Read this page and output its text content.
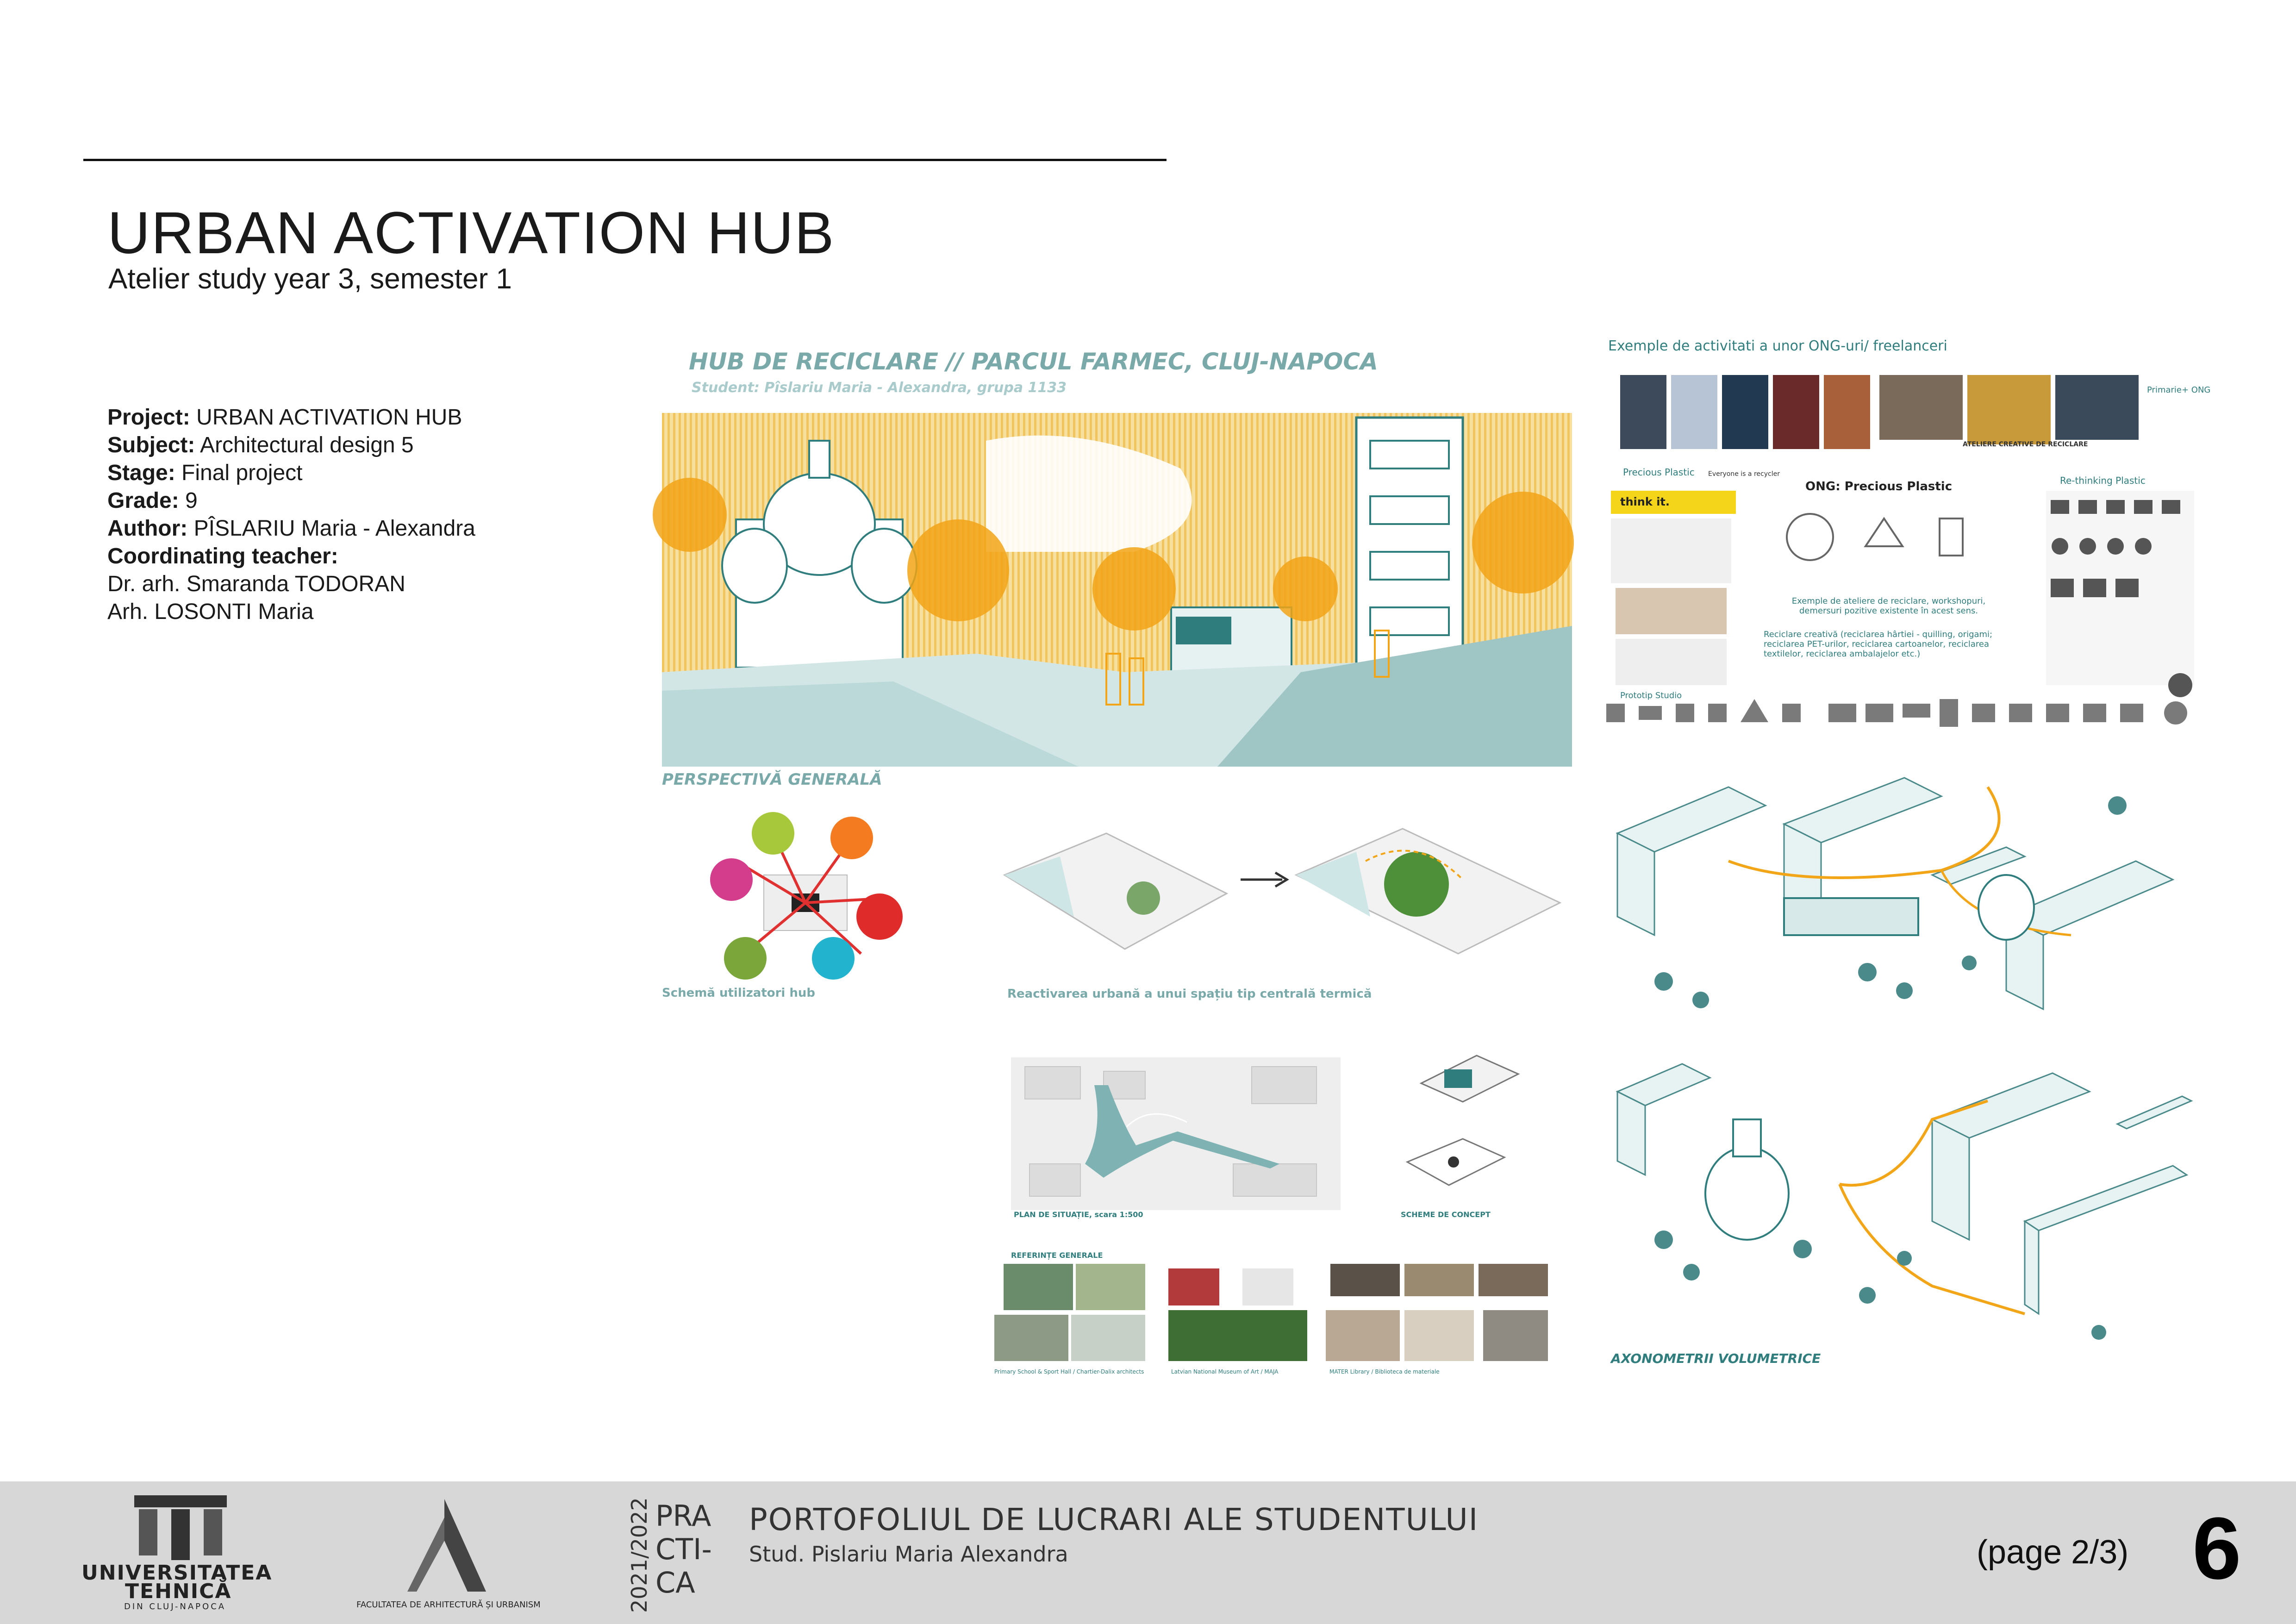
URBAN ACTIVATION HUB
Atelier study year 3, semester 1
Project: URBAN ACTIVATION HUB
Subject: Architectural design 5
Stage: Final project
Grade: 9
Author: PÎSLARIU Maria - Alexandra
Coordinating teacher:
Dr. arh. Smaranda TODORAN
Arh. LOSONTI Maria
HUB DE RECICLARE // PARCUL FARMEC, CLUJ-NAPOCA
Student: Pîslariu Maria - Alexandra, grupa 1133
PERSPECTIVĂ GENERALĂ
Schemă utilizatori hub	Reactivarea urbană a unui spațiu tip centrală termică
Exemple de activitati a unor ONG-uri/ freelanceri
ATELIERE CREATIVE DE RECICLARE
Primarie+ ONG
Precious Plastic Everyone is a recycler
think it.
ONG: Precious Plastic	Re-thinking Plastic
Exemple de ateliere de reciclare, workshopuri, demersuri pozitive existente în acest sens.
Reciclare creativă (reciclarea hârtiei - quilling, origami; reciclarea PET-urilor, reciclarea cartoanelor, reciclarea textilelor, reciclarea ambalajelor etc.)
Prototip Studio
AXONOMETRII VOLUMETRICE
PLAN DE SITUAȚIE, scara 1:500	SCHEME DE CONCEPT
REFERINȚE GENERALE
Primary School & Sport Hall / Chartier-Dalix architects	Latvian National Museum of Art / MAJA	MATER Library / Biblioteca de materiale
UNIVERSITATEA
TEHNICĂ
DIN CLUJ-NAPOCA	FACULTATEA DE ARHITECTURĂ ȘI URBANISM	2021/2022 PRA
CTI-
CA
PORTOFOLIUL DE LUCRARI ALE STUDENTULUI
Stud. Pislariu Maria Alexandra	(page 2/3) 6
